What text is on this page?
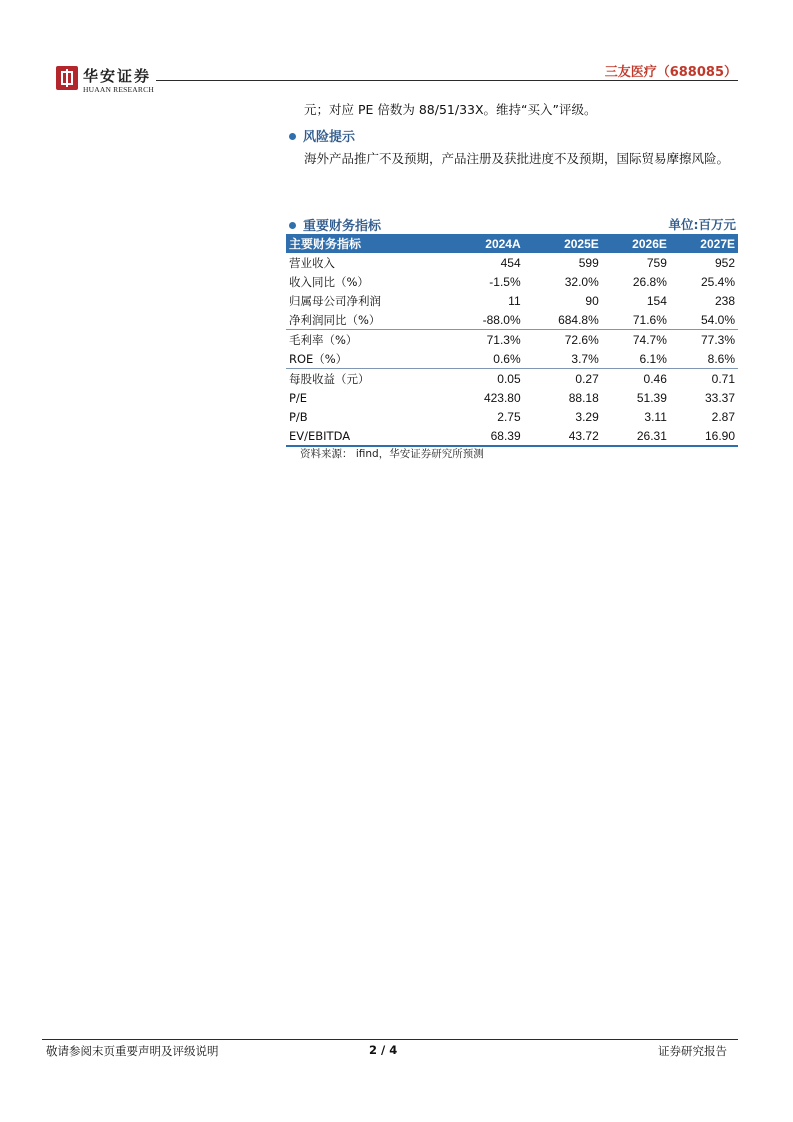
华安证券
HUAAN RESEARCH
三友医疗（688085）
元；对应 PE 倍数为 88/51/33X。维持“买入”评级。
风险提示
海外产品推广不及预期，产品注册及获批进度不及预期，国际贸易摩擦风险。
重要财务指标	单位:百万元
主要财务指标	2024A	2025E	2026E	2027E
营业收入	454	599	759	952
收入同比（%）	-1.5%	32.0%	26.8%	25.4%
归属母公司净利润	11	90	154	238
净利润同比（%）	-88.0%	684.8%	71.6%	54.0%
毛利率（%）	71.3%	72.6%	74.7%	77.3%
ROE（%）	0.6%	3.7%	6.1%	8.6%
每股收益（元）	0.05	0.27	0.46	0.71
P/E	423.80	88.18	51.39	33.37
P/B	2.75	3.29	3.11	2.87
EV/EBITDA	68.39	43.72	26.31	16.90
资料来源： ifind，华安证券研究所预测
敬请参阅末页重要声明及评级说明	2 / 4	证券研究报告
